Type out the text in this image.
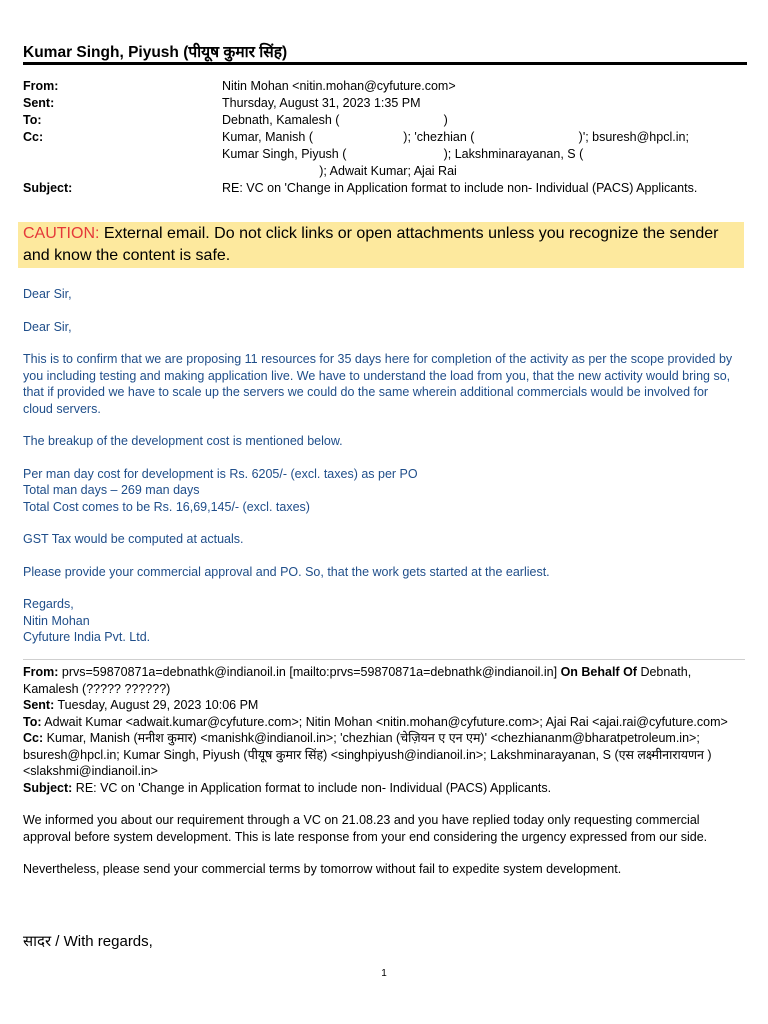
Kumar Singh, Piyush (पीयूष कुमार सिंह)
From:	Nitin Mohan <nitin.mohan@cyfuture.com>
Sent:	Thursday, August 31, 2023 1:35 PM
To:	Debnath, Kamalesh (                              )
Cc:	Kumar, Manish (                          ); 'chezhian (                              )'; bsuresh@hpcl.in;
Kumar Singh, Piyush (                            ); Lakshminarayanan, S (
); Adwait Kumar; Ajai Rai
Subject:	RE: VC on 'Change in Application format to include non- Individual (PACS) Applicants.
CAUTION: External email. Do not click links or open attachments unless you recognize the sender and know the content is safe.

Dear Sir,

Dear Sir,

This is to confirm that we are proposing 11 resources for 35 days here for completion of the activity as per the scope provided by you including testing and making application live. We have to understand the load from you, that the new activity would bring so, that if provided we have to scale up the servers we could do the same wherein additional commercials would be involved for cloud servers.

The breakup of the development cost is mentioned below.

Per man day cost for development is Rs. 6205/- (excl. taxes) as per PO
Total man days – 269 man days

Total Cost comes to be Rs. 16,69,145/- (excl. taxes)

GST Tax would be computed at actuals.

Please provide your commercial approval and PO. So, that the work gets started at the earliest.

Regards,
Nitin Mohan
Cyfuture India Pvt. Ltd.
From: prvs=59870871a=debnathk@indianoil.in [mailto:prvs=59870871a=debnathk@indianoil.in] On Behalf Of Debnath, Kamalesh (????? ??????)
Sent: Tuesday, August 29, 2023 10:06 PM
To: Adwait Kumar <adwait.kumar@cyfuture.com>; Nitin Mohan <nitin.mohan@cyfuture.com>; Ajai Rai <ajai.rai@cyfuture.com>
Cc: Kumar, Manish (मनीश कुमार) <manishk@indianoil.in>; 'chezhian (चेज़ियन ए एन एम)' <chezhiananm@bharatpetroleum.in>; bsuresh@hpcl.in; Kumar Singh, Piyush (पीयूष कुमार सिंह) <singhpiyush@indianoil.in>; Lakshminarayanan, S (एस लक्ष्मीनारायणन ) <slakshmi@indianoil.in>
Subject: RE: VC on 'Change in Application format to include non- Individual (PACS) Applicants.

We informed you about our requirement through a VC on 21.08.23 and you have replied today only requesting commercial approval before system development. This is late response from your end considering the urgency expressed from our side.

Nevertheless, please send your commercial terms by tomorrow without fail to expedite system development.

सादर / With regards,
1
